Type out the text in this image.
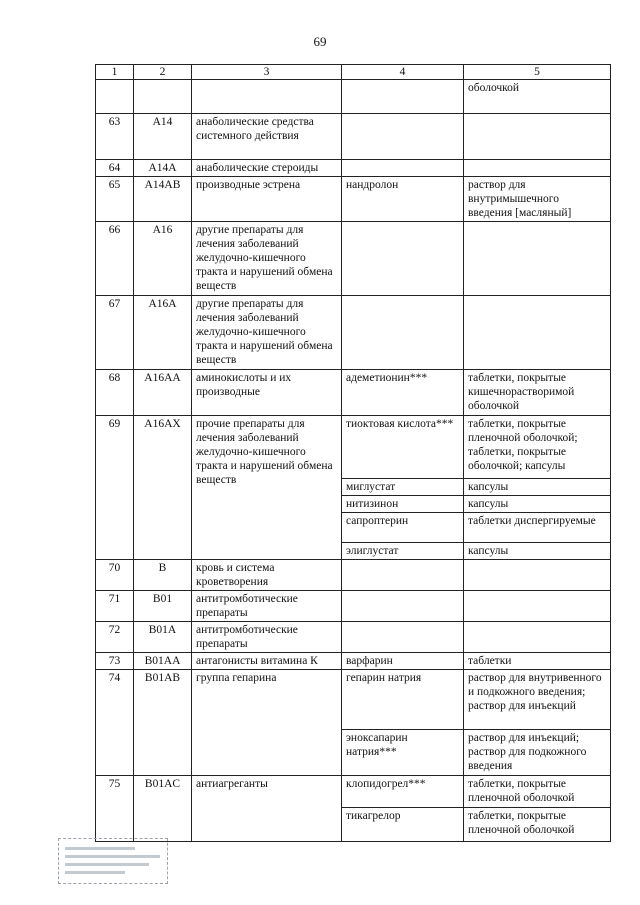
69
1	2	3	4	5
				оболочкой
63	A14	анаболические средства системного действия		
64	A14A	анаболические стероиды		
65	A14AB	производные эстрена	нандролон	раствор для внутримышечного введения [масляный]
66	A16	другие препараты для лечения заболеваний желудочно-кишечного тракта и нарушений обмена веществ		
67	A16A	другие препараты для лечения заболеваний желудочно-кишечного тракта и нарушений обмена веществ		
68	A16AA	аминокислоты и их производные	адеметионин***	таблетки, покрытые кишечнорастворимой оболочкой
69	A16AX	прочие препараты для лечения заболеваний желудочно-кишечного тракта и нарушений обмена веществ	тиоктовая кислота***	таблетки, покрытые пленочной оболочкой; таблетки, покрытые оболочкой; капсулы
			миглустат	капсулы
			нитизинон	капсулы
			сапроптерин	таблетки диспергируемые
			элиглустат	капсулы
70	B	кровь и система кроветворения		
71	B01	антитромботические препараты		
72	B01A	антитромботические препараты		
73	B01AA	антагонисты витамина К	варфарин	таблетки
74	B01AB	группа гепарина	гепарин натрия	раствор для внутривенного и подкожного введения; раствор для инъекций
			эноксапарин натрия***	раствор для инъекций; раствор для подкожного введения
75	B01AC	антиагреганты	клопидогрел***	таблетки, покрытые пленочной оболочкой
			тикагрелор	таблетки, покрытые пленочной оболочкой
